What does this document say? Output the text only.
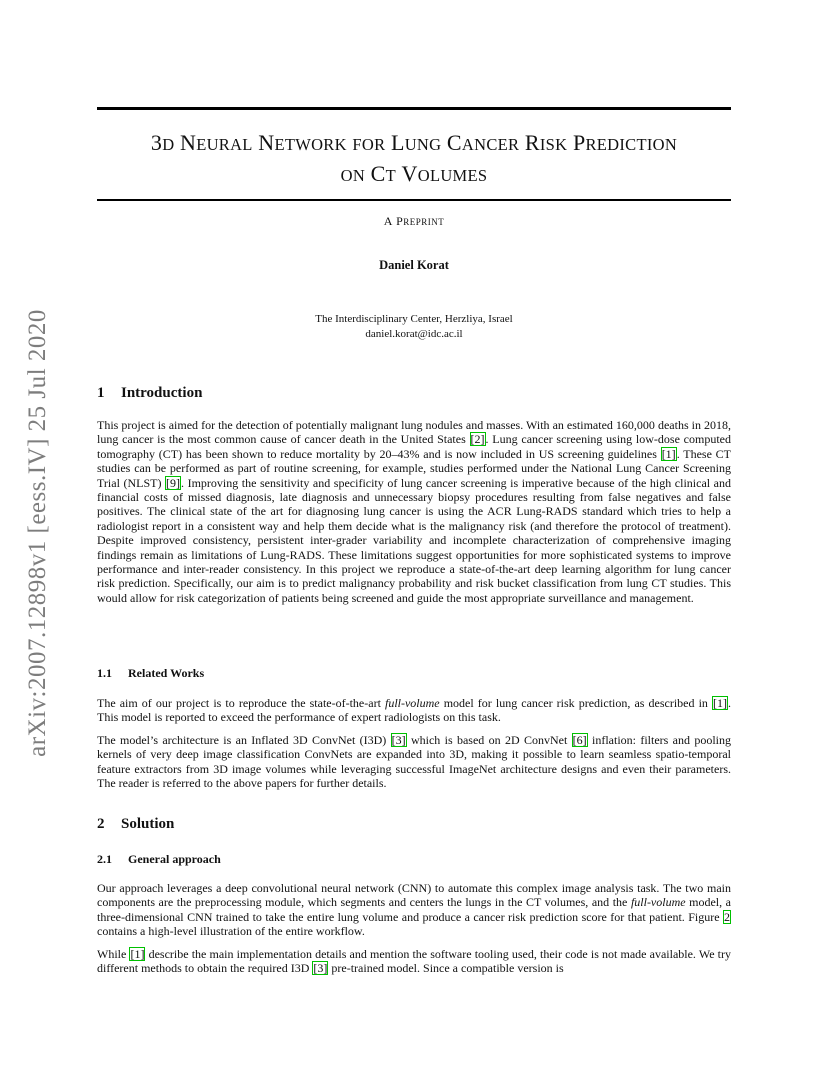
arXiv:2007.12898v1 [eess.IV] 25 Jul 2020
3D NEURAL NETWORK FOR LUNG CANCER RISK PREDICTION
ON CT VOLUMES
A PREPRINT
Daniel Korat
The Interdisciplinary Center, Herzliya, Israel
daniel.korat@idc.ac.il
1 Introduction

This project is aimed for the detection of potentially malignant lung nodules and masses. With an estimated 160,000 deaths in 2018, lung cancer is the most common cause of cancer death in the United States [2]. Lung cancer screening using low-dose computed tomography (CT) has been shown to reduce mortality by 20–43% and is now included in US screening guidelines [1]. These CT studies can be performed as part of routine screening, for example, studies performed under the National Lung Cancer Screening Trial (NLST) [9]. Improving the sensitivity and specificity of lung cancer screening is imperative because of the high clinical and financial costs of missed diagnosis, late diagnosis and unnecessary biopsy procedures resulting from false negatives and false positives. The clinical state of the art for diagnosing lung cancer is using the ACR Lung-RADS standard which tries to help a radiologist report in a consistent way and help them decide what is the malignancy risk (and therefore the protocol of treatment). Despite improved consistency, persistent inter-grader variability and incomplete characterization of comprehensive imaging findings remain as limitations of Lung-RADS. These limitations suggest opportunities for more sophisticated systems to improve performance and inter-reader consistency. In this project we reproduce a state-of-the-art deep learning algorithm for lung cancer risk prediction. Specifically, our aim is to predict malignancy probability and risk bucket classification from lung CT studies. This would allow for risk categorization of patients being screened and guide the most appropriate surveillance and management.

1.1 Related Works

The aim of our project is to reproduce the state-of-the-art full-volume model for lung cancer risk prediction, as described in [1]. This model is reported to exceed the performance of expert radiologists on this task.

The model’s architecture is an Inflated 3D ConvNet (I3D) [3] which is based on 2D ConvNet [6] inflation: filters and pooling kernels of very deep image classification ConvNets are expanded into 3D, making it possible to learn seamless spatio-temporal feature extractors from 3D image volumes while leveraging successful ImageNet architecture designs and even their parameters. The reader is referred to the above papers for further details.

2 Solution
2.1 General approach

Our approach leverages a deep convolutional neural network (CNN) to automate this complex image analysis task. The two main components are the preprocessing module, which segments and centers the lungs in the CT volumes, and the full-volume model, a three-dimensional CNN trained to take the entire lung volume and produce a cancer risk prediction score for that patient. Figure 2 contains a high-level illustration of the entire workflow.

While [1] describe the main implementation details and mention the software tooling used, their code is not made available. We try different methods to obtain the required I3D [3] pre-trained model. Since a compatible version is
